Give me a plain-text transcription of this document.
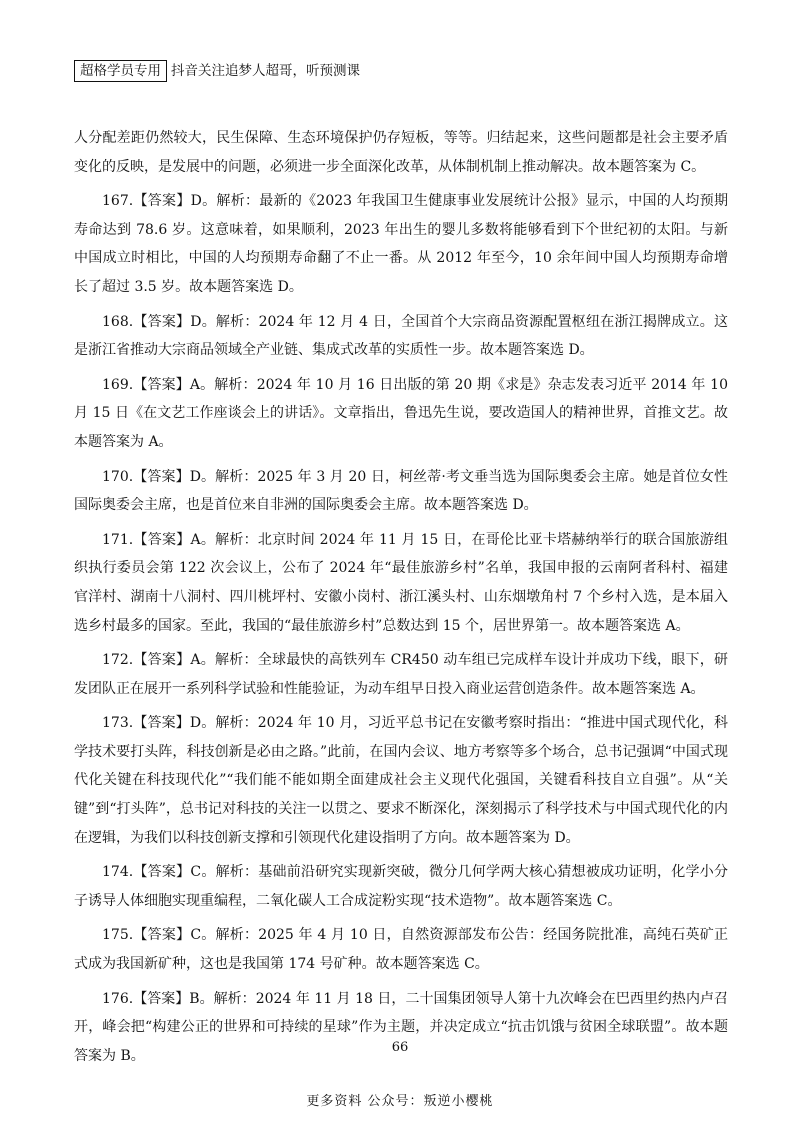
超格学员专用 抖音关注追梦人超哥，听预测课

人分配差距仍然较大，民生保障、生态环境保护仍存短板，等等。归结起来，这些问题都是社会主要矛盾变化的反映，是发展中的问题，必须进一步全面深化改革，从体制机制上推动解决。故本题答案为 C。

167.【答案】D。解析：最新的《2023 年我国卫生健康事业发展统计公报》显示，中国的人均预期寿命达到 78.6 岁。这意味着，如果顺利，2023 年出生的婴儿多数将能够看到下个世纪初的太阳。与新中国成立时相比，中国的人均预期寿命翻了不止一番。从 2012 年至今，10 余年间中国人均预期寿命增长了超过 3.5 岁。故本题答案选 D。

168.【答案】D。解析：2024 年 12 月 4 日，全国首个大宗商品资源配置枢纽在浙江揭牌成立。这是浙江省推动大宗商品领域全产业链、集成式改革的实质性一步。故本题答案选 D。

169.【答案】A。解析：2024 年 10 月 16 日出版的第 20 期《求是》杂志发表习近平 2014 年 10 月 15 日《在文艺工作座谈会上的讲话》。文章指出，鲁迅先生说，要改造国人的精神世界，首推文艺。故本题答案为 A。

170.【答案】D。解析：2025 年 3 月 20 日，柯丝蒂·考文垂当选为国际奥委会主席。她是首位女性国际奥委会主席，也是首位来自非洲的国际奥委会主席。故本题答案选 D。

171.【答案】A。解析：北京时间 2024 年 11 月 15 日，在哥伦比亚卡塔赫纳举行的联合国旅游组织执行委员会第 122 次会议上，公布了 2024 年“最佳旅游乡村”名单，我国申报的云南阿者科村、福建官洋村、湖南十八洞村、四川桃坪村、安徽小岗村、浙江溪头村、山东烟墩角村 7 个乡村入选，是本届入选乡村最多的国家。至此，我国的“最佳旅游乡村”总数达到 15 个，居世界第一。故本题答案选 A。

172.【答案】A。解析：全球最快的高铁列车 CR450 动车组已完成样车设计并成功下线，眼下，研发团队正在展开一系列科学试验和性能验证，为动车组早日投入商业运营创造条件。故本题答案选 A。

173.【答案】D。解析：2024 年 10 月，习近平总书记在安徽考察时指出：“推进中国式现代化，科学技术要打头阵，科技创新是必由之路。”此前，在国内会议、地方考察等多个场合，总书记强调“中国式现代化关键在科技现代化”“我们能不能如期全面建成社会主义现代化强国，关键看科技自立自强”。从“关键”到“打头阵”，总书记对科技的关注一以贯之、要求不断深化，深刻揭示了科学技术与中国式现代化的内在逻辑，为我们以科技创新支撑和引领现代化建设指明了方向。故本题答案为 D。

174.【答案】C。解析：基础前沿研究实现新突破，微分几何学两大核心猜想被成功证明，化学小分子诱导人体细胞实现重编程，二氧化碳人工合成淀粉实现“技术造物”。故本题答案选 C。

175.【答案】C。解析：2025 年 4 月 10 日，自然资源部发布公告：经国务院批准，高纯石英矿正式成为我国新矿种，这也是我国第 174 号矿种。故本题答案选 C。

176.【答案】B。解析：2024 年 11 月 18 日，二十国集团领导人第十九次峰会在巴西里约热内卢召开，峰会把“构建公正的世界和可持续的星球”作为主题，并决定成立“抗击饥饿与贫困全球联盟”。故本题答案为 B。

66
更多资料 公众号：叛逆小樱桃
